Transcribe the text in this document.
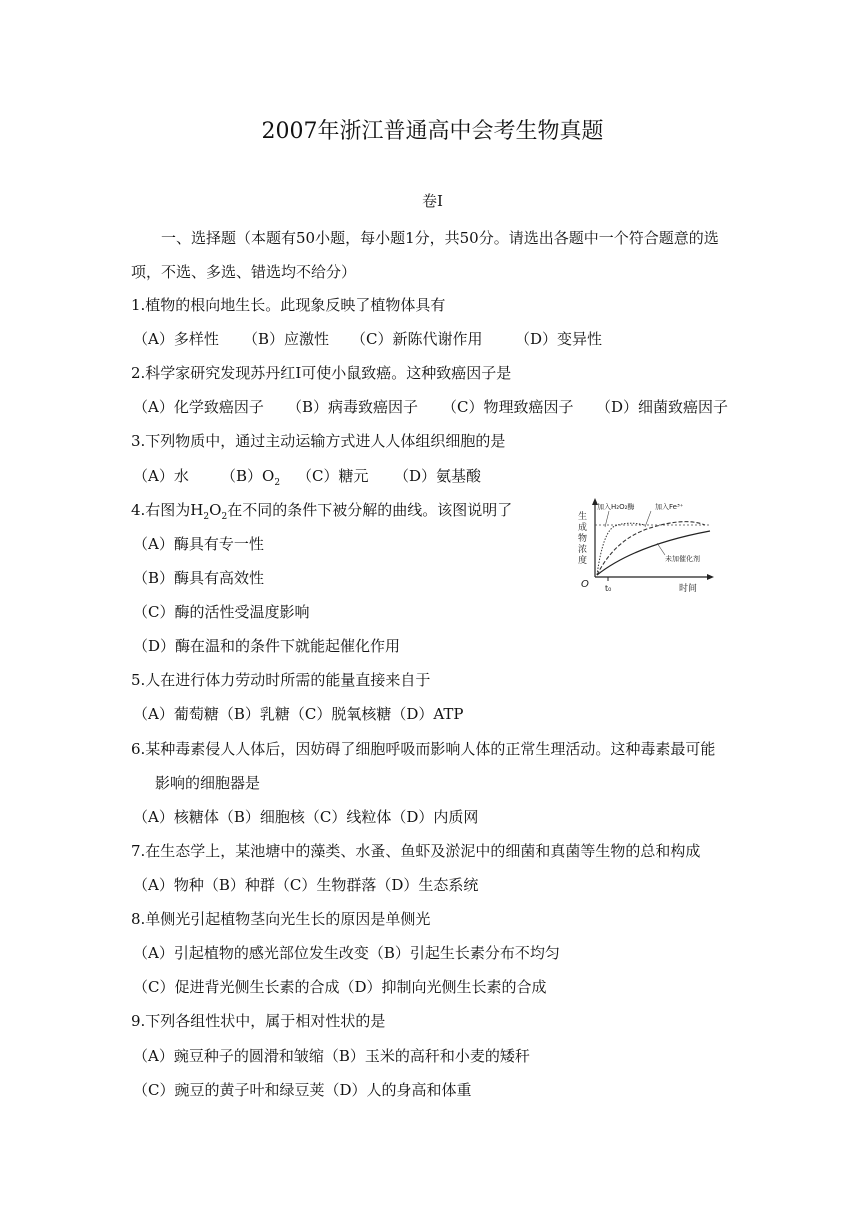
2007年浙江普通高中会考生物真题
卷Ⅰ
一、选择题（本题有50小题，每小题1分，共50分。请选出各题中一个符合题意的选项，不选、多选、错选均不给分）
1.植物的根向地生长。此现象反映了植物体具有
（A）多样性 （B）应激性 （C）新陈代谢作用 （D）变异性
2.科学家研究发现苏丹红Ⅰ可使小鼠致癌。这种致癌因子是
（A）化学致癌因子 （B）病毒致癌因子 （C）物理致癌因子 （D）细菌致癌因子
3.下列物质中，通过主动运输方式进人人体组织细胞的是
（A）水 $(B)O_2$ （C）糖元 （D）氨基酸
4.右图为$H_2O_2$在不同的条件下被分解的曲线。该图说明了
（A）酶具有专一性
（B）酶具有高效性
（C）酶的活性受温度影响
（D）酶在温和的条件下就能起催化作用
加入H₂O₂酶	加入Fe³⁺
未加催化剂
O t₀	时间
生成物浓度
5.人在进行体力劳动时所需的能量直接来自于
（A）葡萄糖（B）乳糖（C）脱氧核糖（D）ATP
6.某种毒素侵人人体后，因妨碍了细胞呼吸而影响人体的正常生理活动。这种毒素最可能
影响的细胞器是
（A）核糖体（B）细胞核（C）线粒体（D）内质网
7.在生态学上，某池塘中的藻类、水蚤、鱼虾及淤泥中的细菌和真菌等生物的总和构成
（A）物种（B）种群（C）生物群落（D）生态系统
8.单侧光引起植物茎向光生长的原因是单侧光
（A）引起植物的感光部位发生改变（B）引起生长素分布不均匀
（C）促进背光侧生长素的合成（D）抑制向光侧生长素的合成
9.下列各组性状中，属于相对性状的是
（A）豌豆种子的圆滑和皱缩（B）玉米的高秆和小麦的矮秆
（C）豌豆的黄子叶和绿豆荚（D）人的身高和体重
